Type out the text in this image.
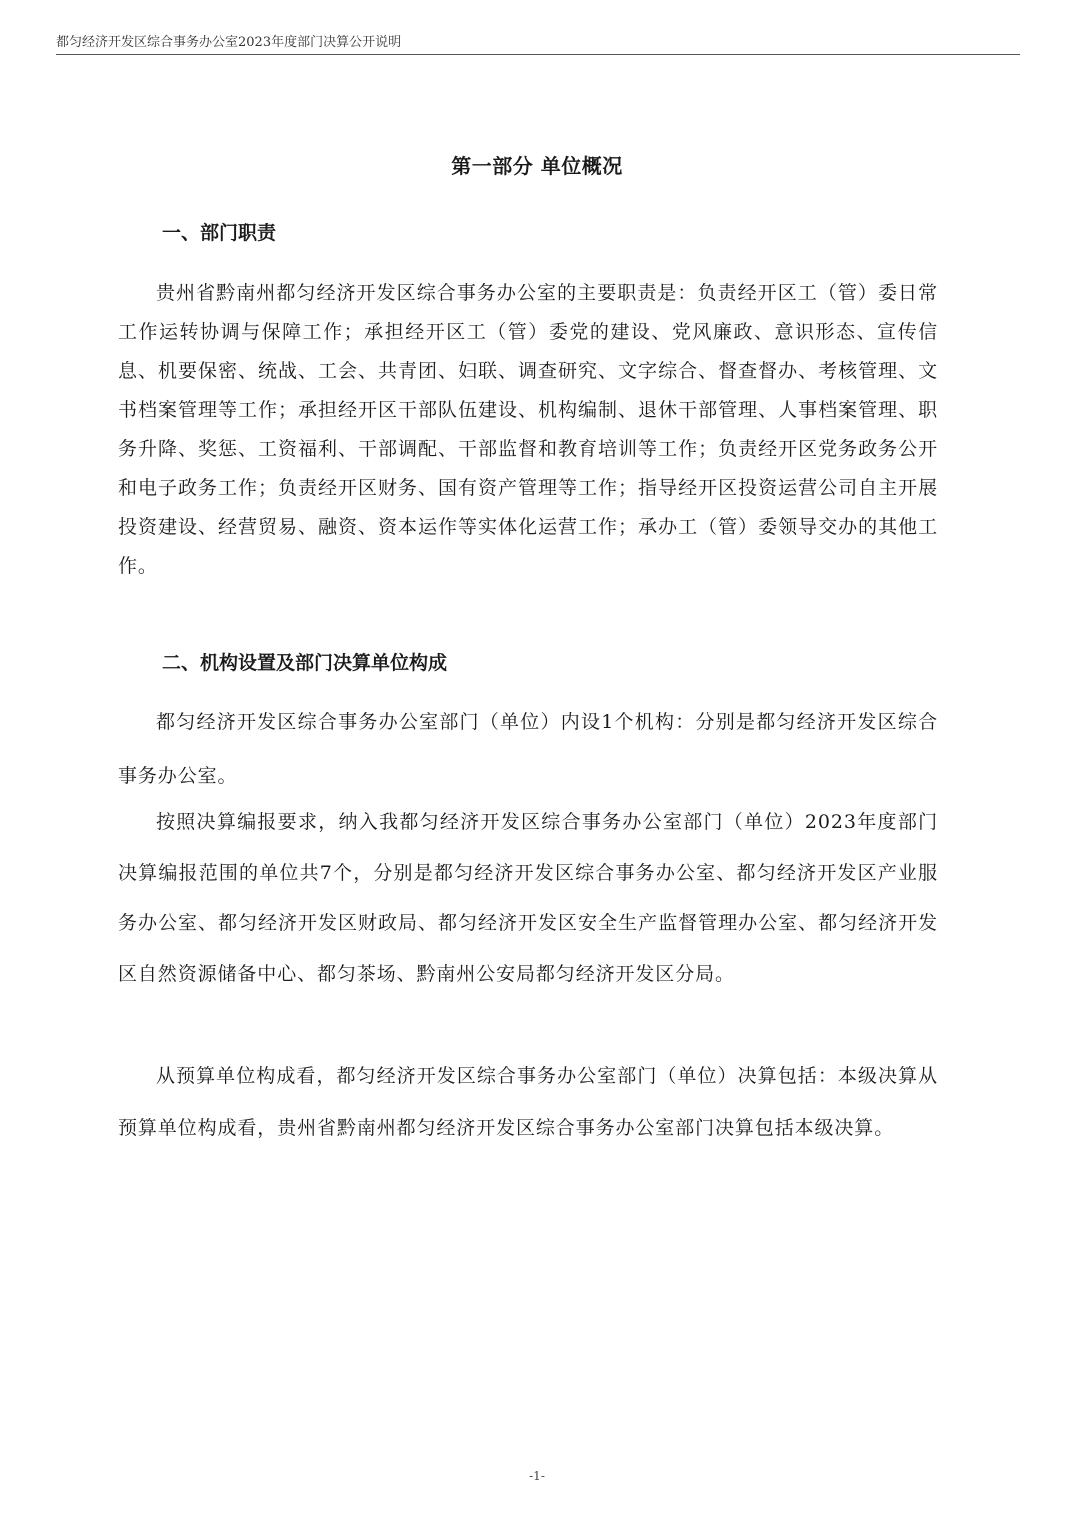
都匀经济开发区综合事务办公室2023年度部门决算公开说明
第一部分 单位概况
一、部门职责

贵州省黔南州都匀经济开发区综合事务办公室的主要职责是：负责经开区工（管）委日常工作运转协调与保障工作；承担经开区工（管）委党的建设、党风廉政、意识形态、宣传信息、机要保密、统战、工会、共青团、妇联、调查研究、文字综合、督查督办、考核管理、文书档案管理等工作；承担经开区干部队伍建设、机构编制、退休干部管理、人事档案管理、职务升降、奖惩、工资福利、干部调配、干部监督和教育培训等工作；负责经开区党务政务公开和电子政务工作；负责经开区财务、国有资产管理等工作；指导经开区投资运营公司自主开展投资建设、经营贸易、融资、资本运作等实体化运营工作；承办工（管）委领导交办的其他工作。

二、机构设置及部门决算单位构成

都匀经济开发区综合事务办公室部门（单位）内设1个机构：分别是都匀经济开发区综合事务办公室。

按照决算编报要求，纳入我都匀经济开发区综合事务办公室部门（单位）2023年度部门决算编报范围的单位共7个，分别是都匀经济开发区综合事务办公室、都匀经济开发区产业服务办公室、都匀经济开发区财政局、都匀经济开发区安全生产监督管理办公室、都匀经济开发区自然资源储备中心、都匀茶场、黔南州公安局都匀经济开发区分局。

从预算单位构成看，都匀经济开发区综合事务办公室部门（单位）决算包括：本级决算从预算单位构成看，贵州省黔南州都匀经济开发区综合事务办公室部门决算包括本级决算。

-1-
